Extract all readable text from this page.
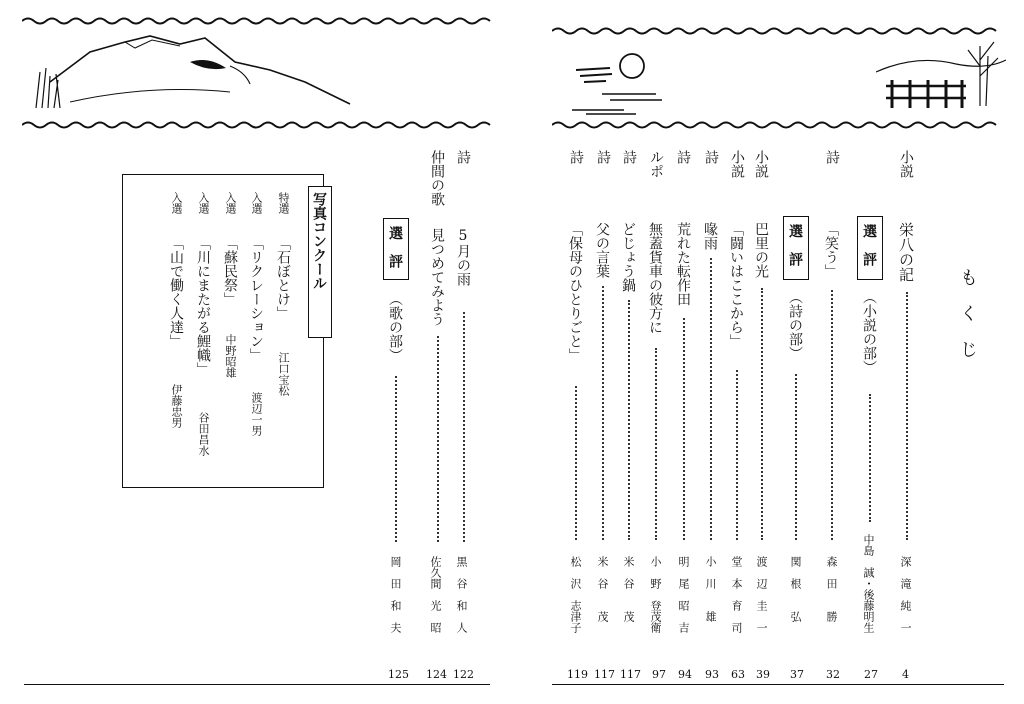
詩
5月の雨
黒　谷　和　人
122
仲間の歌
見つめてみよう
佐久間　光　昭
124
選　評
（歌の部）
岡　田　和　夫
125
写真コンクール
特選
「石ぼとけ」
江口宝松
入選
「リクレーション」
渡辺一男
入選
「蘇民祭」
中野昭雄
入選
「川にまたがる鯉幟」
谷田昌水
入選
「山で働く人達」
伊藤忠男
も　く　じ
小説
栄八の記
深　滝　純　一
4
選　評
（小説の部）
中島　誠・後藤明生
27
詩
「笑う」
森　田　　勝
32
選　評
（詩の部）
関　根　　弘
37
小説
巴里の光
渡　辺　圭　一
39
小説
「闘いはここから」
堂　本　育　司
63
詩
喙雨
小　川　　雄
93
詩
荒れた転作田
明　尾　昭　吉
94
ルポ
無蓋貨車の彼方に
小　野　登茂衛
97
詩
どじょう鍋
米　谷　　茂
117
詩
父の言葉
米　谷　　茂
117
詩
「保母のひとりごと」
松　沢　志津子
119
